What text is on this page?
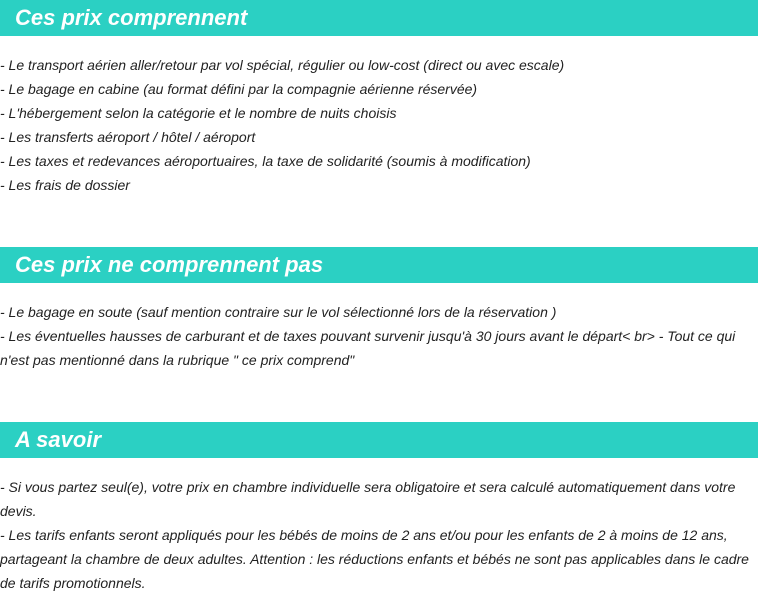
Ces prix comprennent
- Le transport aérien aller/retour par vol spécial, régulier ou low-cost (direct ou avec escale)
- Le bagage en cabine (au format défini par la compagnie aérienne réservée)
- L'hébergement selon la catégorie et le nombre de nuits choisis
- Les transferts aéroport / hôtel / aéroport
- Les taxes et redevances aéroportuaires, la taxe de solidarité (soumis à modification)
- Les frais de dossier
Ces prix ne comprennent pas
- Le bagage en soute (sauf mention contraire sur le vol sélectionné lors de la réservation )
- Les éventuelles hausses de carburant et de taxes pouvant survenir jusqu'à 30 jours avant le départ< br> - Tout ce qui n'est pas mentionné dans la rubrique " ce prix comprend"
A savoir
- Si vous partez seul(e), votre prix en chambre individuelle sera obligatoire et sera calculé automatiquement dans votre devis.
- Les tarifs enfants seront appliqués pour les bébés de moins de 2 ans et/ou pour les enfants de 2 à moins de 12 ans, partageant la chambre de deux adultes. Attention : les réductions enfants et bébés ne sont pas applicables dans le cadre de tarifs promotionnels.
